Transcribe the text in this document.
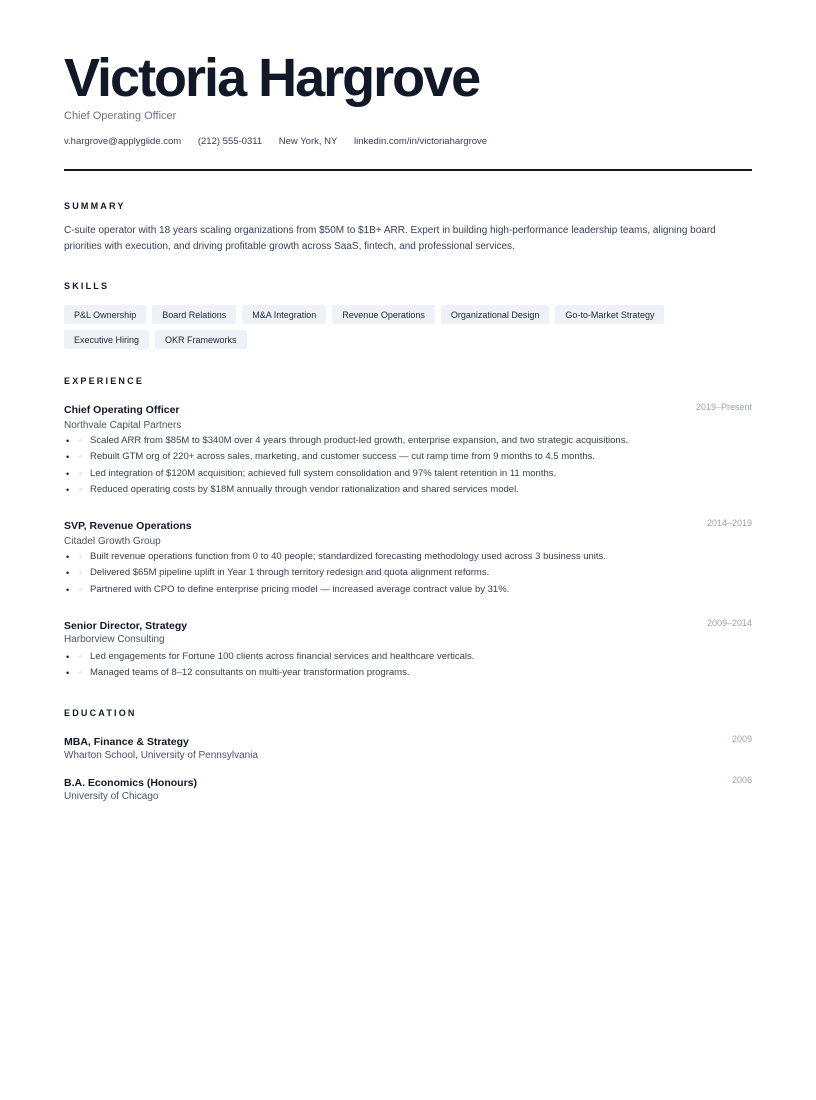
Victoria Hargrove
Chief Operating Officer
v.hargrove@applyglide.com (212) 555-0311 New York, NY linkedin.com/in/victoriahargrove
SUMMARY
C-suite operator with 18 years scaling organizations from $50M to $1B+ ARR. Expert in building high-performance leadership teams, aligning board priorities with execution, and driving profitable growth across SaaS, fintech, and professional services.
SKILLS
P&L Ownership	Board Relations	M&A Integration	Revenue Operations	Organizational Design	Go-to-Market Strategy
Executive Hiring	OKR Frameworks
EXPERIENCE
Chief Operating Officer	2019–Present
Northvale Capital Partners
• Scaled ARR from $85M to $340M over 4 years through product-led growth, enterprise expansion, and two strategic acquisitions. ◦
• Rebuilt GTM org of 220+ across sales, marketing, and customer success — cut ramp time from 9 months to 4.5 months. ◦
• Led integration of $120M acquisition; achieved full system consolidation and 97% talent retention in 11 months. ◦
• Reduced operating costs by $18M annually through vendor rationalization and shared services model. ◦
SVP, Revenue Operations	2014–2019
Citadel Growth Group
• Built revenue operations function from 0 to 40 people; standardized forecasting methodology used across 3 business units. ◦
• Delivered $65M pipeline uplift in Year 1 through territory redesign and quota alignment reforms. ◦
• Partnered with CPO to define enterprise pricing model — increased average contract value by 31%. ◦
Senior Director, Strategy	2009–2014
Harborview Consulting
• Led engagements for Fortune 100 clients across financial services and healthcare verticals. ◦
• Managed teams of 8–12 consultants on multi-year transformation programs. ◦
EDUCATION
MBA, Finance & Strategy	2009
Wharton School, University of Pennsylvania
B.A. Economics (Honours)	2006
University of Chicago
